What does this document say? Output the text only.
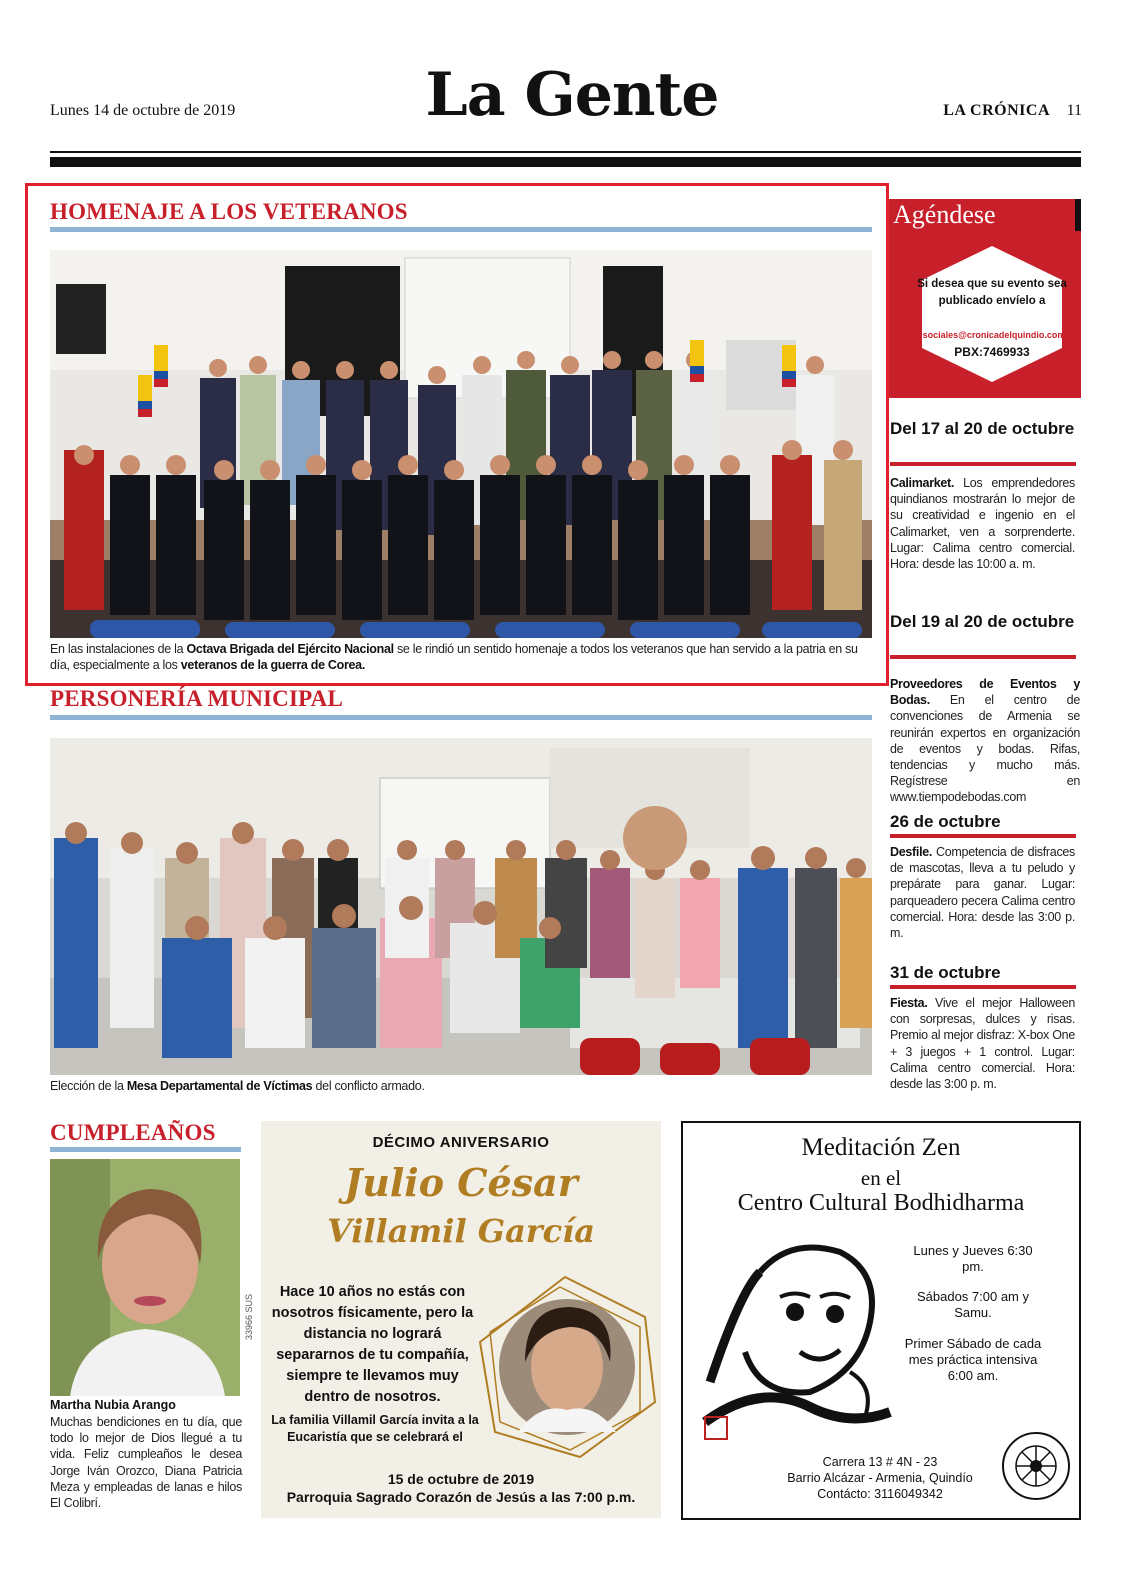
Lunes 14 de octubre de 2019	La Gente	LA CRÓNICA 11
HOMENAJE A LOS VETERANOS
En las instalaciones de la Octava Brigada del Ejército Nacional se le rindió un sentido homenaje a todos los veteranos que han servido a la patria en su día, especialmente a los veteranos de la guerra de Corea.
PERSONERÍA MUNICIPAL
Elección de la Mesa Departamental de Víctimas del conflicto armado.
Agéndese
Si desea que su evento sea publicado envíelo a
sociales@cronicadelquindio.com
PBX:7469933
Del 17 al 20 de octubre
Calimarket. Los emprendedores quindianos mostrarán lo mejor de su creatividad e ingenio en el Calimarket, ven a sorprenderte. Lugar: Calima centro comercial. Hora: desde las 10:00 a. m.
Del 19 al 20 de octubre
Proveedores de Eventos y Bodas. En el centro de convenciones de Armenia se reunirán expertos en organización de eventos y bodas. Rifas, tendencias y mucho más. Regístrese en www.tiempodebodas.com
26 de octubre
Desfile. Competencia de disfraces de mascotas, lleva a tu peludo y prepárate para ganar. Lugar: parqueadero pecera Calima centro comercial. Hora: desde las 3:00 p. m.
31 de octubre
Fiesta. Vive el mejor Halloween con sorpresas, dulces y risas. Premio al mejor disfraz: X-box One + 3 juegos + 1 control. Lugar: Calima centro comercial. Hora: desde las 3:00 p. m.
CUMPLEAÑOS
33966 SUS
Martha Nubia Arango
Muchas bendiciones en tu día, que todo lo mejor de Dios llegué a tu vida. Feliz cumpleaños le desea Jorge Iván Orozco, Diana Patricia Meza y empleadas de lanas e hilos El Colibrí.
DÉCIMO ANIVERSARIO
Julio César
Villamil García
Hace 10 años no estás con nosotros físicamente, pero la distancia no logrará separarnos de tu compañía, siempre te llevamos muy dentro de nosotros.
La familia Villamil García invita a la Eucaristía que se celebrará el
15 de octubre de 2019
Parroquia Sagrado Corazón de Jesús a las 7:00 p.m.
Meditación Zen
en el
Centro Cultural Bodhidharma
Lunes y Jueves 6:30 pm.
Sábados 7:00 am y Samu.
Primer Sábado de cada mes práctica intensiva 6:00 am.
Carrera 13 # 4N - 23
Barrio Alcázar - Armenia, Quindío
Contácto: 3116049342
